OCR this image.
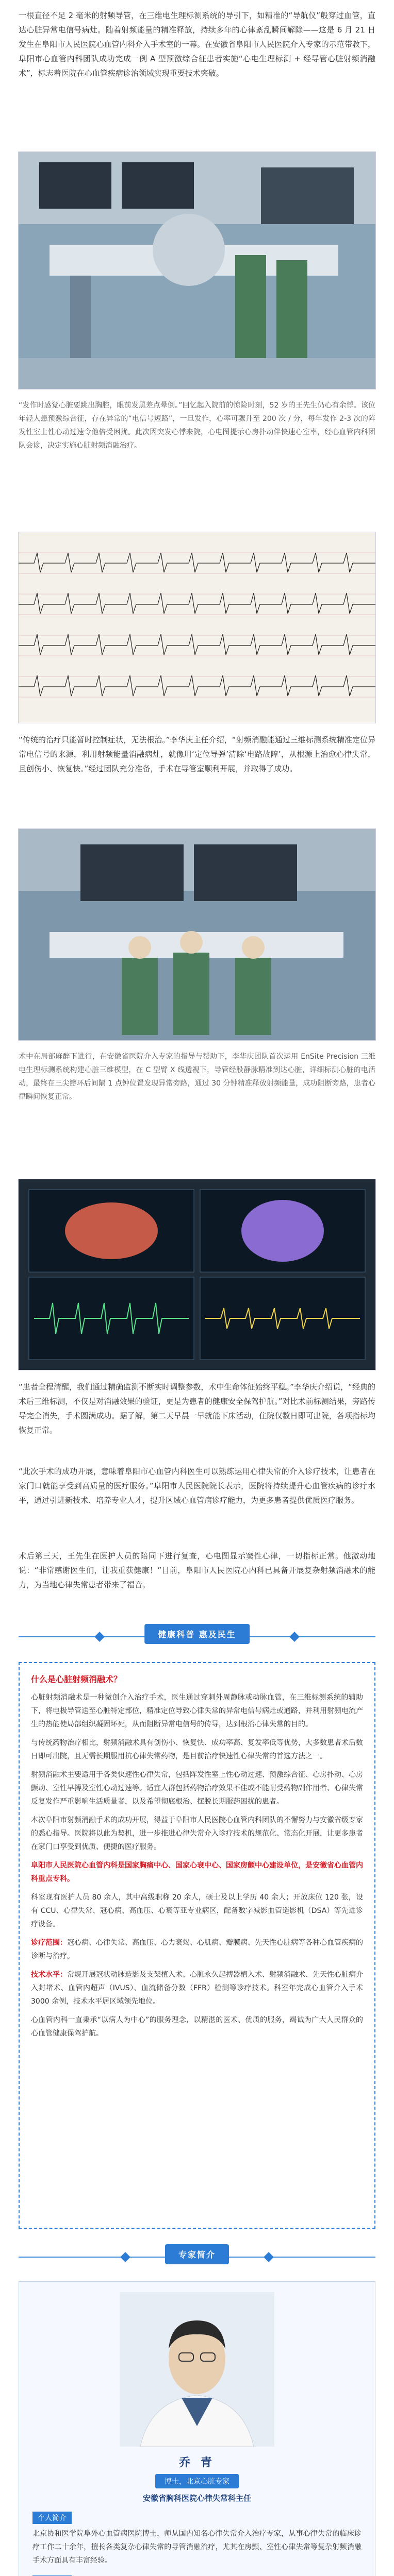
一根直径不足 2 毫米的射频导管，在三维电生理标测系统的导引下，如精准的“导航仪”般穿过血管，直达心脏异常电信号病灶。随着射频能量的精准释放，持续多年的心律紊乱瞬间解除——这是 6 月 21 日发生在阜阳市人民医院心血管内科介入手术室的一幕。在安徽省阜阳市人民医院介入专家的示范带教下，阜阳市心血管内科团队成功完成一例 A 型预激综合征患者实施“心电生理标测 + 经导管心脏射频消融术”，标志着医院在心血管疾病诊治领域实现重要技术突破。

“发作时感觉心脏要跳出胸腔，眼前发黑差点晕倒。”回忆起入院前的惊险时刻，52 岁的王先生仍心有余悸。该位年轻人患预激综合征，存在异常的“电信号短路”，一旦发作，心率可骤升至 200 次 / 分，每年发作 2-3 次的阵发性室上性心动过速令他倍受困扰。此次因突发心悸来院，心电图提示心房扑动伴快速心室率，经心血管内科团队会诊，决定实施心脏射频消融治疗。

“传统的治疗只能暂时控制症状，无法根治。”李华庆主任介绍，“射频消融能通过三维标测系统精准定位异常电信号的来源，利用射频能量消融病灶，就像用‘定位导弹’清除‘电路故障’，从根源上治愈心律失常，且创伤小、恢复快。”经过团队充分准备，手术在导管室顺利开展，并取得了成功。

术中在局部麻醉下进行，在安徽省医院介入专家的指导与帮助下，李华庆团队首次运用 EnSite Precision 三维电生理标测系统构建心脏三维模型，在 C 型臂 X 线透视下，导管经股静脉精准到达心脏，详细标测心脏的电活动，最终在三尖瓣环后间隔 1 点钟位置发现异常旁路，通过 30 分钟精准释放射频能量，成功阻断旁路，患者心律瞬间恢复正常。

“患者全程清醒，我们通过精确监测不断实时调整参数，术中生命体征始终平稳。”李华庆介绍说，“经典的术后三维标测，不仅是对消融效果的验证，更是为患者的健康安全保驾护航。”对比术前标测结果，旁路传导完全消失，手术圆满成功。据了解，第二天早晨一早就能下床活动，住院仅数日即可出院，各项指标均恢复正常。

“此次手术的成功开展，意味着阜阳市心血管内科医生可以熟练运用心律失常的介入诊疗技术，让患者在家门口就能享受到高质量的医疗服务。”阜阳市人民医院院长表示，医院将持续提升心血管疾病的诊疗水平，通过引进新技术、培养专业人才，提升区域心血管病诊疗能力，为更多患者提供优质医疗服务。

术后第三天，王先生在医护人员的陪同下进行复查，心电图显示窦性心律，一切指标正常。他激动地说：“非常感谢医生们，让我重获健康！”目前，阜阳市人民医院心内科已具备开展复杂射频消融术的能力，为当地心律失常患者带来了福音。

健康科普 惠及民生

什么是心脏射频消融术？

心脏射频消融术是一种微创介入治疗手术，医生通过穿刺外周静脉或动脉血管，在三维标测系统的辅助下，将电极导管送至心脏特定部位，精准定位导致心律失常的异常电信号病灶或通路，并利用射频电流产生的热能使局部组织凝固坏死，从而阻断异常电信号的传导，达到根治心律失常的目的。

与传统药物治疗相比，射频消融术具有创伤小、恢复快、成功率高、复发率低等优势，大多数患者术后数日即可出院，且无需长期服用抗心律失常药物，是目前治疗快速性心律失常的首选方法之一。

射频消融术主要适用于各类快速性心律失常，包括阵发性室上性心动过速、预激综合征、心房扑动、心房颤动、室性早搏及室性心动过速等。适宜人群包括药物治疗效果不佳或不能耐受药物副作用者、心律失常反复发作严重影响生活质量者，以及希望彻底根治、摆脱长期服药困扰的患者。

本次阜阳市射频消融手术的成功开展，得益于阜阳市人民医院心血管内科团队的不懈努力与安徽省级专家的悉心指导。医院将以此为契机，进一步推进心律失常介入诊疗技术的规范化、常态化开展，让更多患者在家门口享受到优质、便捷的医疗服务。

阜阳市人民医院心血管内科是国家胸痛中心、国家心衰中心、国家房颤中心建设单位，是安徽省心血管内科重点专科。

科室现有医护人员 80 余人，其中高级职称 20 余人，硕士及以上学历 40 余人；开放床位 120 张，设有 CCU、心律失常、冠心病、高血压、心衰等亚专业病区，配备数字减影血管造影机（DSA）等先进诊疗设备。

诊疗范围：冠心病、心律失常、高血压、心力衰竭、心肌病、瓣膜病、先天性心脏病等各种心血管疾病的诊断与治疗。

技术水平：常规开展冠状动脉造影及支架植入术、心脏永久起搏器植入术、射频消融术、先天性心脏病介入封堵术、血管内超声（IVUS）、血流储备分数（FFR）检测等诊疗技术。科室年完成心血管介入手术 3000 余例，技术水平居区域领先地位。

心血管内科一直秉承“以病人为中心”的服务理念，以精湛的医术、优质的服务，竭诚为广大人民群众的心血管健康保驾护航。

专家简介
乔 青
博士，北京心脏专家
安徽省胸科医院心律失常科主任
个人简介

北京协和医学院阜外心血管病医院博士，师从国内知名心律失常介入治疗专家，从事心律失常的临床诊疗工作二十余年，擅长各类复杂心律失常的导管消融治疗，尤其在房颤、室性心律失常等复杂射频消融手术方面具有丰富经验。
